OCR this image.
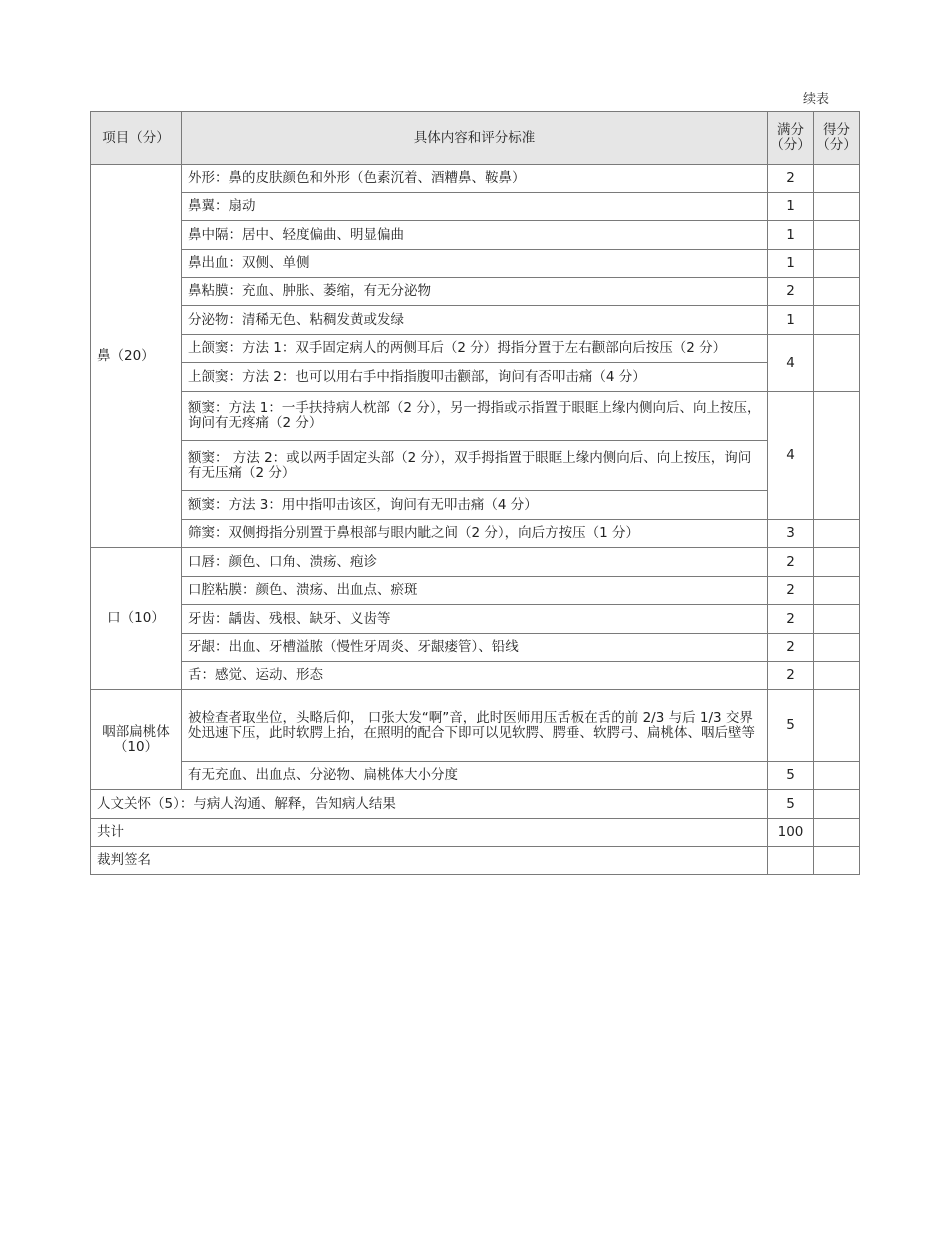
续表
项目（分）	具体内容和评分标准	满分（分）	得分（分）
鼻（20）	外形：鼻的皮肤颜色和外形（色素沉着、酒糟鼻、鞍鼻）	2	
	鼻翼：扇动	1	
	鼻中隔：居中、轻度偏曲、明显偏曲	1	
	鼻出血：双侧、单侧	1	
	鼻粘膜：充血、肿胀、萎缩，有无分泌物	2	
	分泌物：清稀无色、粘稠发黄或发绿	1	
	上颌窦：方法 1：双手固定病人的两侧耳后（2 分）拇指分置于左右颧部向后按压（2 分）	4	
	上颌窦：方法 2：也可以用右手中指指腹叩击颧部，询问有否叩击痛（4 分）		
	额窦：方法 1：一手扶持病人枕部（2 分），另一拇指或示指置于眼眶上缘内侧向后、向上按压，询问有无疼痛（2 分）	4	
	额窦： 方法 2：或以两手固定头部（2 分），双手拇指置于眼眶上缘内侧向后、向上按压，询问有无压痛（2 分）		
	额窦：方法 3：用中指叩击该区，询问有无叩击痛（4 分）		
	筛窦：双侧拇指分别置于鼻根部与眼内眦之间（2 分），向后方按压（1 分）	3	
口（10）	口唇：颜色、口角、溃疡、疱诊	2	
	口腔粘膜：颜色、溃疡、出血点、瘀斑	2	
	牙齿：龋齿、残根、缺牙、义齿等	2	
	牙龈：出血、牙槽溢脓（慢性牙周炎、牙龈瘘管）、铅线	2	
	舌：感觉、运动、形态	2	
咽部扁桃体（10）	被检查者取坐位，头略后仰， 口张大发“啊”音，此时医师用压舌板在舌的前 2/3 与后 1/3 交界处迅速下压，此时软腭上抬，在照明的配合下即可以见软腭、腭垂、软腭弓、扁桃体、咽后壁等	5	
	有无充血、出血点、分泌物、扁桃体大小分度	5	
人文关怀（5）：与病人沟通、解释，告知病人结果		5	
共计		100	
裁判签名			
